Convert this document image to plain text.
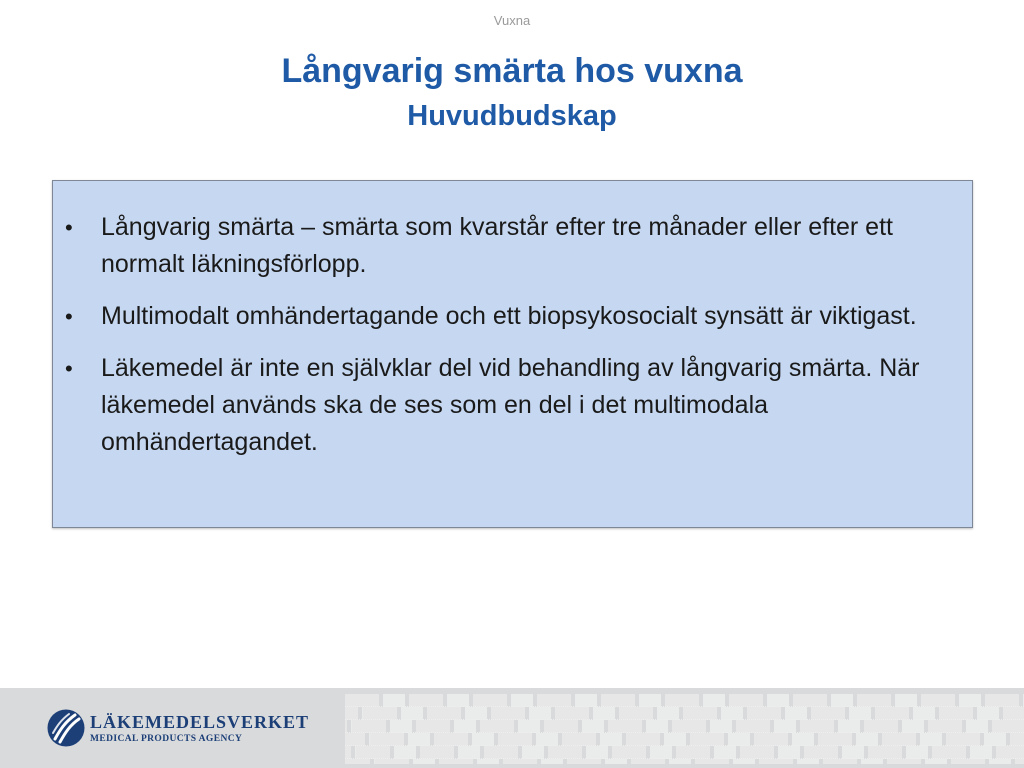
Vuxna
Långvarig smärta hos vuxna
Huvudbudskap
• Långvarig smärta – smärta som kvarstår efter tre månader eller efter ett normalt läkningsförlopp.
• Multimodalt omhändertagande och ett biopsykosocialt synsätt är viktigast.
• Läkemedel är inte en självklar del vid behandling av långvarig smärta. När läkemedel används ska de ses som en del i det multimodala omhändertagandet.
LÄKEMEDELSVERKET
MEDICAL PRODUCTS AGENCY
